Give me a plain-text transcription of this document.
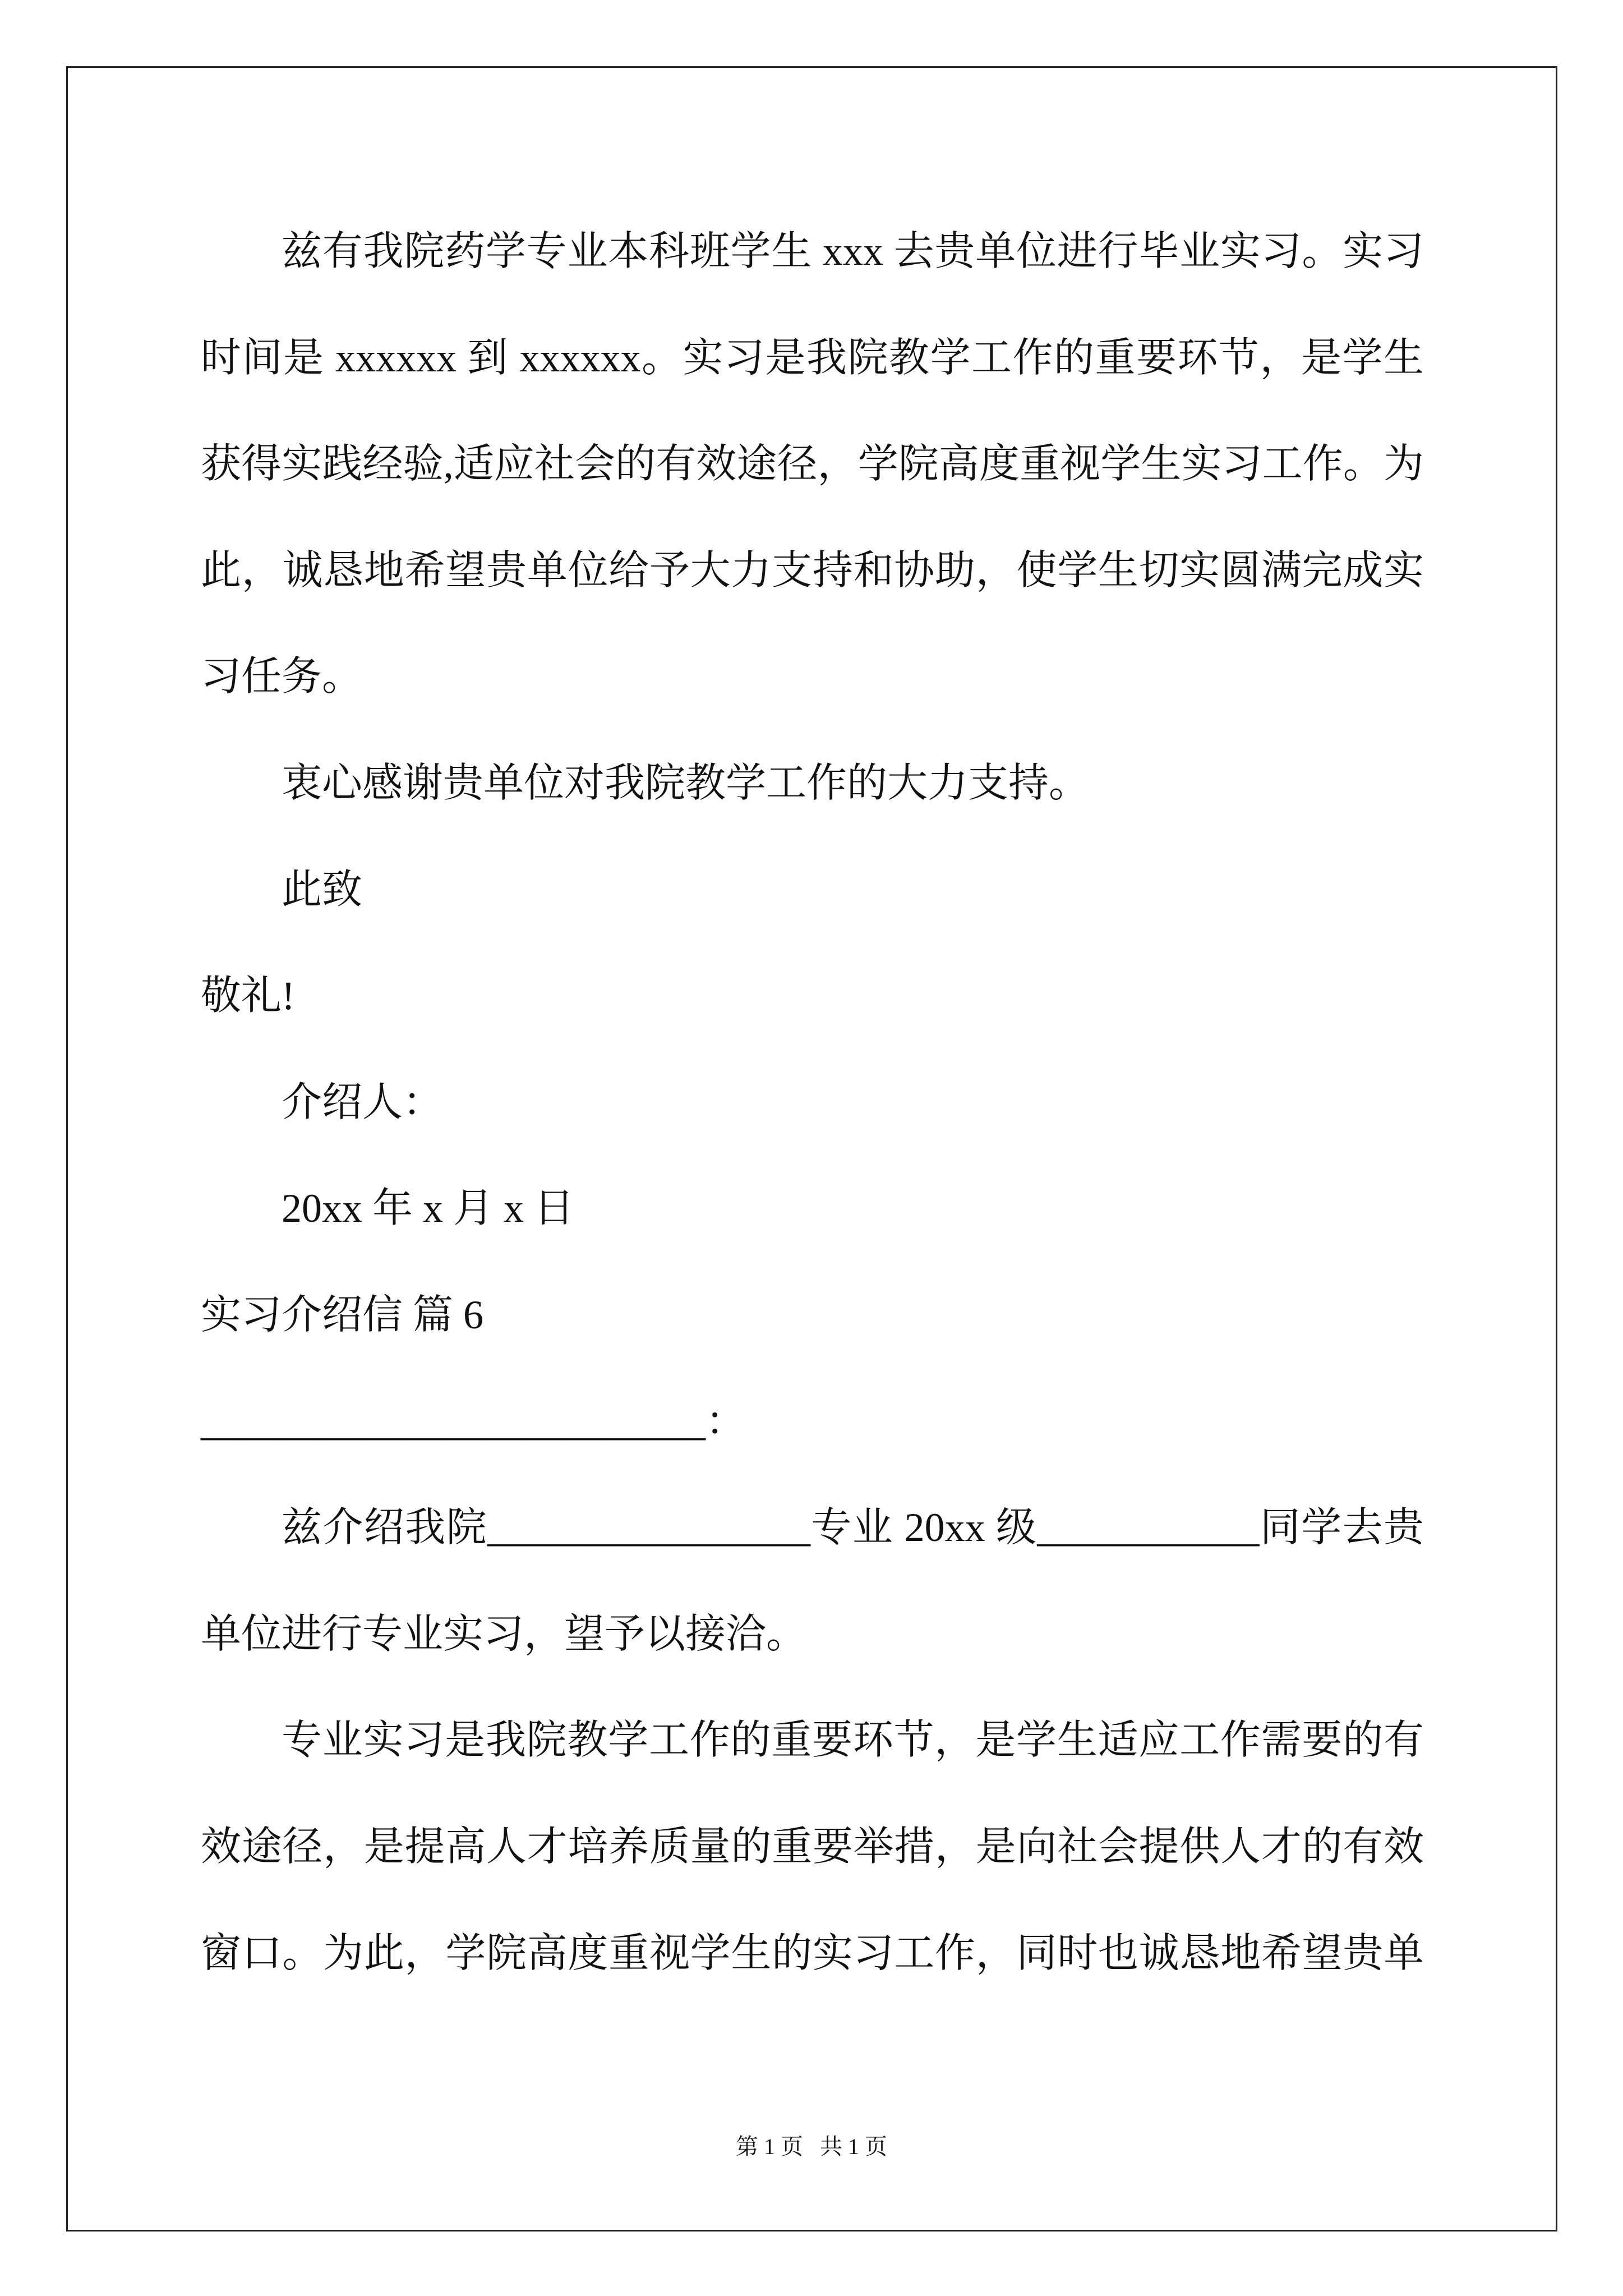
兹有我院药学专业本科班学生 xxx 去贵单位进行毕业实习。实习
时间是 xxxxxx 到 xxxxxx。实习是我院教学工作的重要环节，是学生
获得实践经验,适应社会的有效途径，学院高度重视学生实习工作。为
此，诚恳地希望贵单位给予大力支持和协助，使学生切实圆满完成实
习任务。
衷心感谢贵单位对我院教学工作的大力支持。
此致
敬礼!
介绍人：
20xx 年 x 月 x 日
实习介绍信 篇 6
_________________________：
兹介绍我院________________专业 20xx 级___________同学去贵
单位进行专业实习，望予以接洽。
专业实习是我院教学工作的重要环节，是学生适应工作需要的有
效途径，是提高人才培养质量的重要举措，是向社会提供人才的有效
窗口。为此，学院高度重视学生的实习工作，同时也诚恳地希望贵单
第 1 页   共 1 页
